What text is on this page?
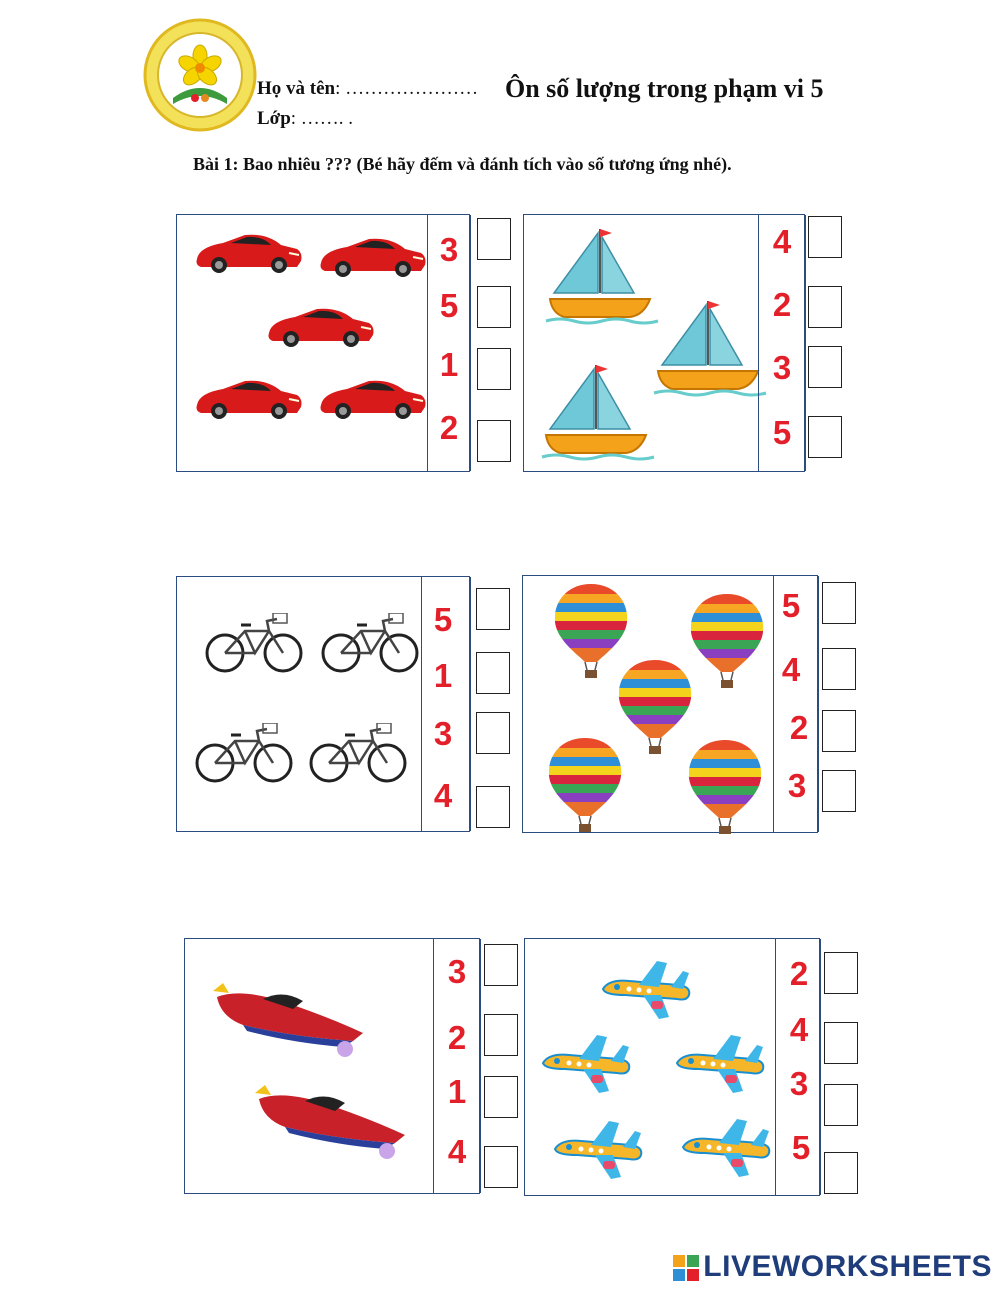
Họ và tên: ………………… Ôn số lượng trong phạm vi 5
Lớp: ……. .
Bài 1: Bao nhiêu ??? (Bé hãy đếm và đánh tích vào số tương ứng nhé).
3
5
1
2
4
2
3
5
5
1
3
4
5
4
2
3
3
2
1
4
2
4
3
5
LIVEWORKSHEETS
